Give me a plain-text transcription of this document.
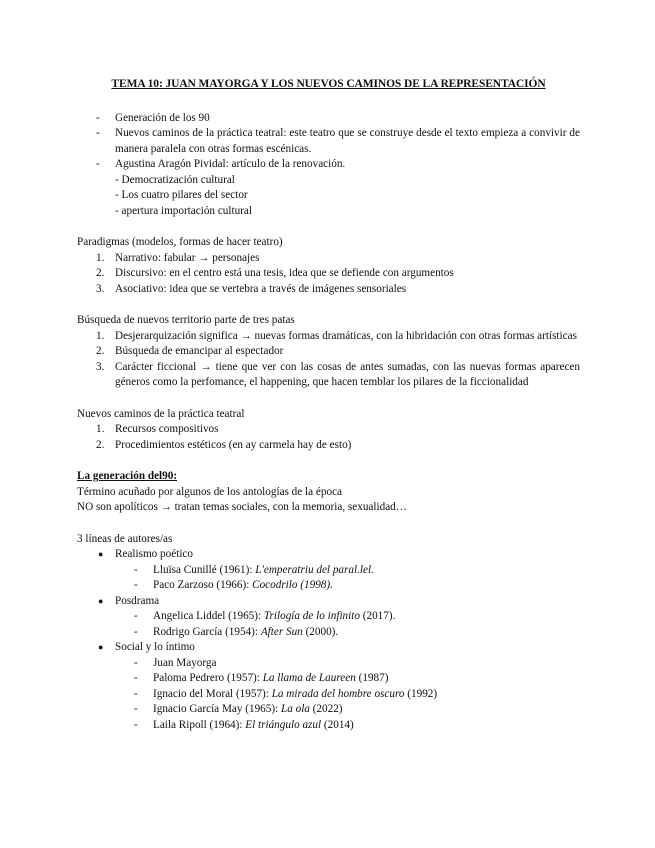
TEMA 10: JUAN MAYORGA Y LOS NUEVOS CAMINOS DE LA REPRESENTACIÓN
- Generación de los 90
- Nuevos caminos de la práctica teatral: este teatro que se construye desde el texto empieza a convivir de manera paralela con otras formas escénicas.
- Agustina Aragón Pividal: artículo de la renovación.
- Democratización cultural
- Los cuatro pilares del sector
- apertura importación cultural
Paradigmas (modelos, formas de hacer teatro)
1. Narrativo: fabular → personajes
2. Discursivo: en el centro está una tesis, idea que se defiende con argumentos
3. Asociativo: idea que se vertebra a través de imágenes sensoriales
Búsqueda de nuevos territorio parte de tres patas
1. Desjerarquización significa → nuevas formas dramáticas, con la hibridación con otras formas artísticas
2. Búsqueda de emancipar al espectador
3. Carácter ficcional → tiene que ver con las cosas de antes sumadas, con las nuevas formas aparecen géneros como la perfomance, el happening, que hacen temblar los pilares de la ficcionalidad
Nuevos caminos de la práctica teatral
1. Recursos compositivos
2. Procedimientos estéticos (en ay carmela hay de esto)
La generación del90:
Término acuñado por algunos de los antologías de la época
NO son apolíticos → tratan temas sociales, con la memoria, sexualidad…
3 líneas de autores/as
● Realismo poético
- Lluïsa Cunillé (1961): L'emperatriu del paral.lel.
- Paco Zarzoso (1966): Cocodrilo (1998).
● Posdrama
- Angelica Liddel (1965): Trilogía de lo infinito (2017).
- Rodrigo García (1954): After Sun (2000).
● Social y lo íntimo
- Juan Mayorga
- Paloma Pedrero (1957): La llama de Laureen (1987)
- Ignacio del Moral (1957): La mirada del hombre oscuro (1992)
- Ignacio García May (1965): La ola (2022)
- Laila Ripoll (1964): El triángulo azul (2014)
